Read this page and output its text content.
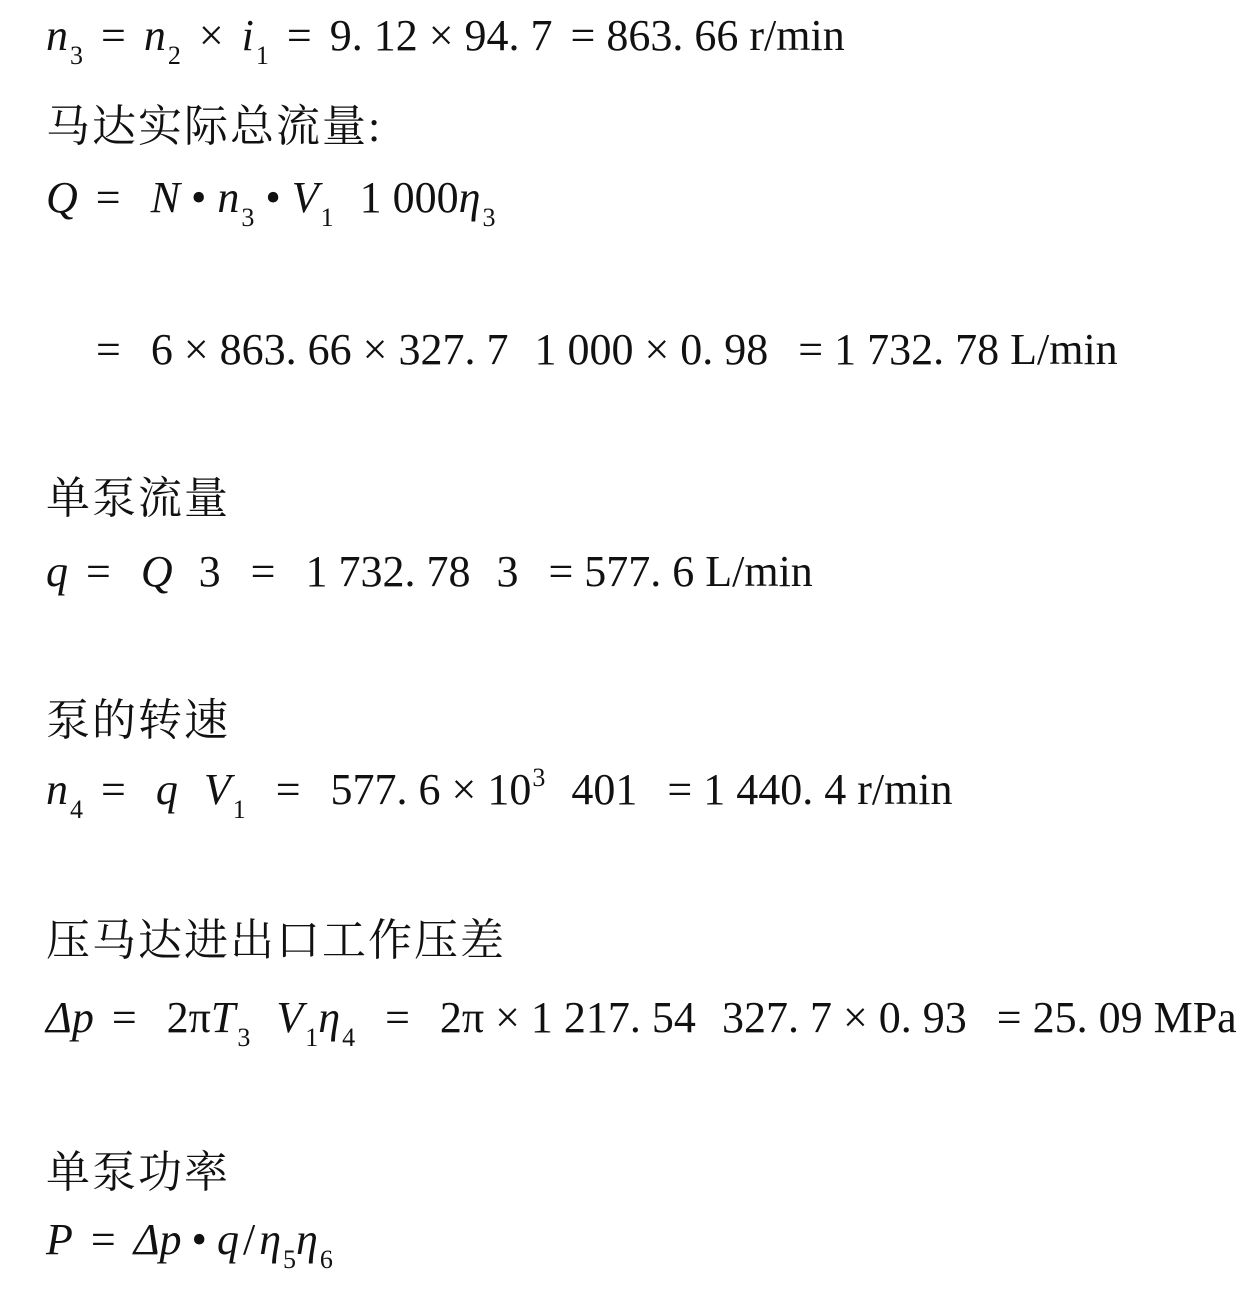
n3 = n2 × i1 = 9. 12 × 94. 7 = 863. 66 r/min
马达实际总流量:
Q = N • n3 • V1 1 000η3
= 6 × 863. 66 × 327. 7 1 000 × 0. 98 = 1 732. 78 L/min
单泵流量
q = Q 3 = 1 732. 78 3 = 577. 6 L/min
泵的转速
n4 = q V1 = 577. 6 × 103 401 = 1 440. 4 r/min
压马达进出口工作压差
Δp = 2πT3 V1η4 = 2π × 1 217. 54 327. 7 × 0. 93 = 25. 09 MPa
单泵功率
P = Δp • q / η5 η6
